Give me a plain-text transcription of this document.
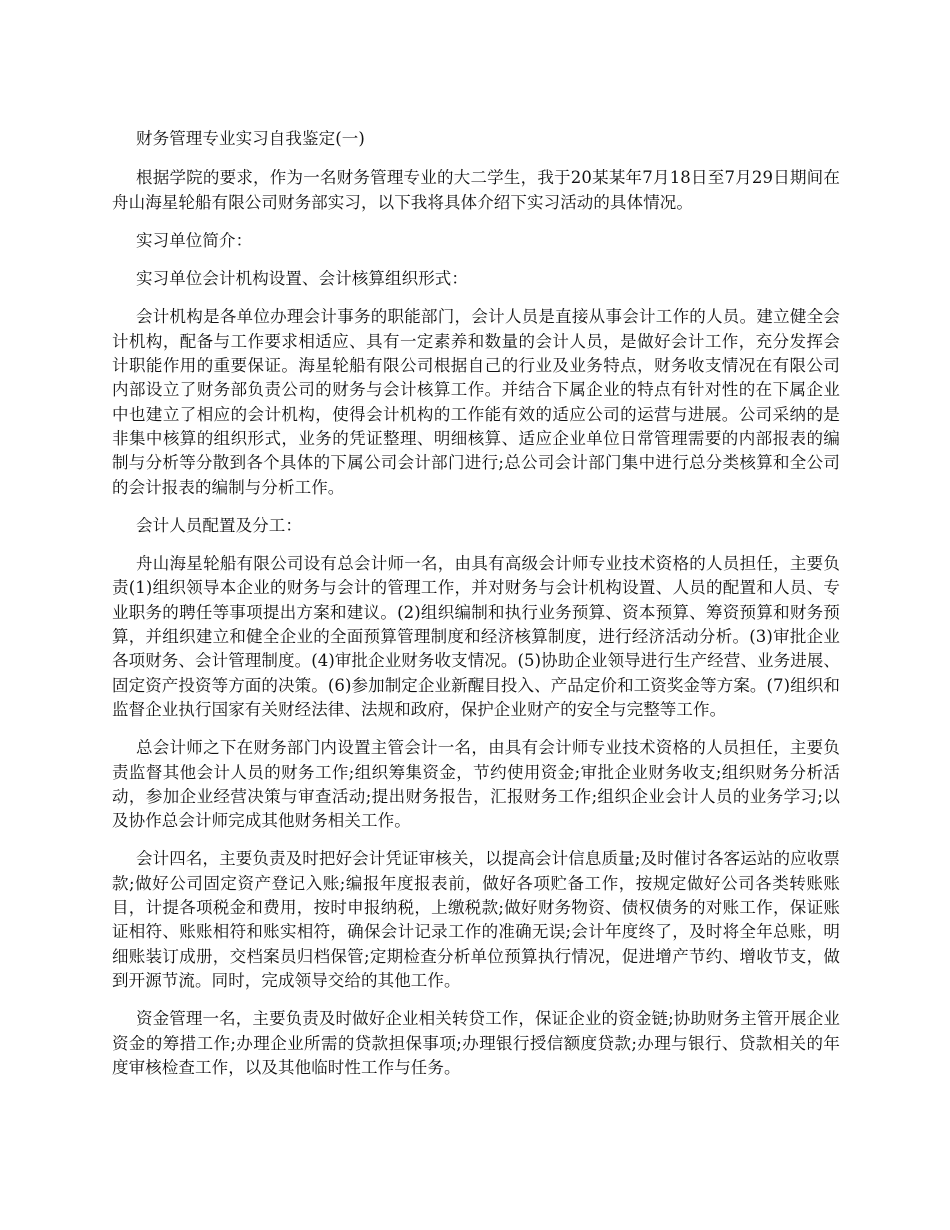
财务管理专业实习自我鉴定(一)

根据学院的要求，作为一名财务管理专业的大二学生，我于20某某年7月18日至7月29日期间在舟山海星轮船有限公司财务部实习，以下我将具体介绍下实习活动的具体情况。

实习单位简介：

实习单位会计机构设置、会计核算组织形式：

会计机构是各单位办理会计事务的职能部门，会计人员是直接从事会计工作的人员。建立健全会计机构，配备与工作要求相适应、具有一定素养和数量的会计人员，是做好会计工作，充分发挥会计职能作用的重要保证。海星轮船有限公司根据自己的行业及业务特点，财务收支情况在有限公司内部设立了财务部负责公司的财务与会计核算工作。并结合下属企业的特点有针对性的在下属企业中也建立了相应的会计机构，使得会计机构的工作能有效的适应公司的运营与进展。公司采纳的是非集中核算的组织形式，业务的凭证整理、明细核算、适应企业单位日常管理需要的内部报表的编制与分析等分散到各个具体的下属公司会计部门进行;总公司会计部门集中进行总分类核算和全公司的会计报表的编制与分析工作。

会计人员配置及分工：

舟山海星轮船有限公司设有总会计师一名，由具有高级会计师专业技术资格的人员担任，主要负责(1)组织领导本企业的财务与会计的管理工作，并对财务与会计机构设置、人员的配置和人员、专业职务的聘任等事项提出方案和建议。(2)组织编制和执行业务预算、资本预算、筹资预算和财务预算，并组织建立和健全企业的全面预算管理制度和经济核算制度，进行经济活动分析。(3)审批企业各项财务、会计管理制度。(4)审批企业财务收支情况。(5)协助企业领导进行生产经营、业务进展、固定资产投资等方面的决策。(6)参加制定企业新醒目投入、产品定价和工资奖金等方案。(7)组织和监督企业执行国家有关财经法律、法规和政府，保护企业财产的安全与完整等工作。

总会计师之下在财务部门内设置主管会计一名，由具有会计师专业技术资格的人员担任，主要负责监督其他会计人员的财务工作;组织筹集资金，节约使用资金;审批企业财务收支;组织财务分析活动，参加企业经营决策与审查活动;提出财务报告，汇报财务工作;组织企业会计人员的业务学习;以及协作总会计师完成其他财务相关工作。

会计四名，主要负责及时把好会计凭证审核关，以提高会计信息质量;及时催讨各客运站的应收票款;做好公司固定资产登记入账;编报年度报表前，做好各项贮备工作，按规定做好公司各类转账账目，计提各项税金和费用，按时申报纳税，上缴税款;做好财务物资、债权债务的对账工作，保证账证相符、账账相符和账实相符，确保会计记录工作的准确无误;会计年度终了，及时将全年总账，明细账装订成册，交档案员归档保管;定期检查分析单位预算执行情况，促进增产节约、增收节支，做到开源节流。同时，完成领导交给的其他工作。

资金管理一名，主要负责及时做好企业相关转贷工作，保证企业的资金链;协助财务主管开展企业资金的筹措工作;办理企业所需的贷款担保事项;办理银行授信额度贷款;办理与银行、贷款相关的年度审核检查工作，以及其他临时性工作与任务。
